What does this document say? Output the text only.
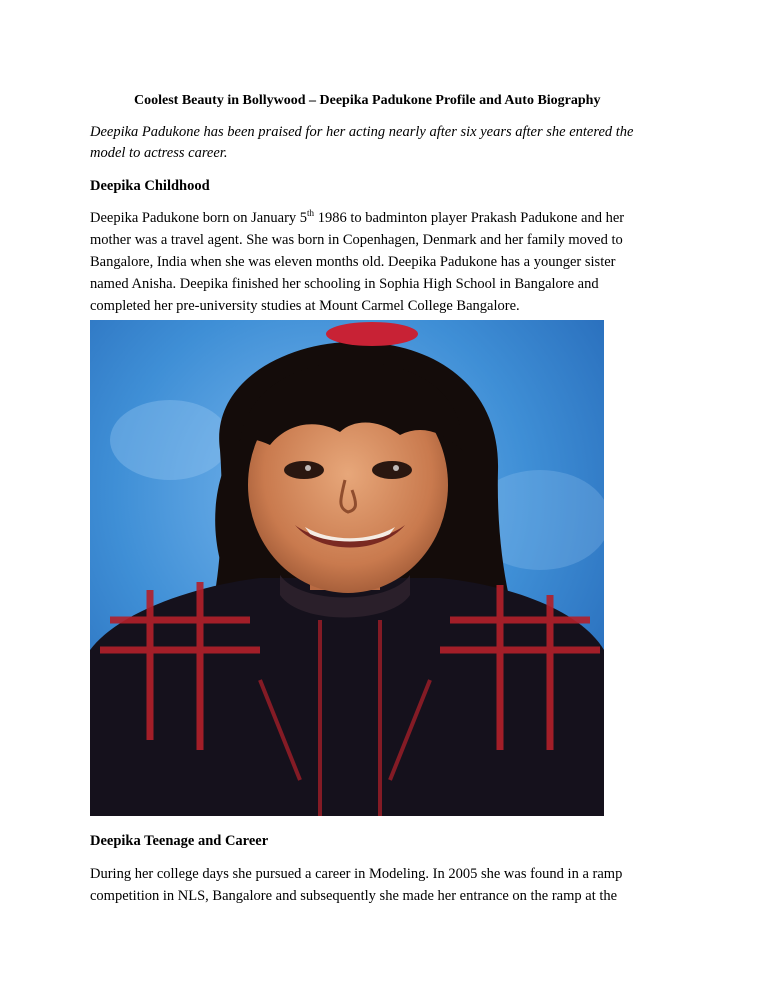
Coolest Beauty in Bollywood – Deepika Padukone Profile and Auto Biography
Deepika Padukone has been praised for her acting nearly after six years after she entered the
model to actress career.
Deepika Childhood
Deepika Padukone born on January 5th 1986 to badminton player Prakash Padukone and her
mother was a travel agent. She was born in Copenhagen, Denmark and her family moved to
Bangalore, India when she was eleven months old. Deepika Padukone has a younger sister
named Anisha. Deepika finished her schooling in Sophia High School in Bangalore and
completed her pre-university studies at Mount Carmel College Bangalore.
Deepika Teenage and Career
During her college days she pursued a career in Modeling. In 2005 she was found in a ramp
competition in NLS, Bangalore and subsequently she made her entrance on the ramp at the
